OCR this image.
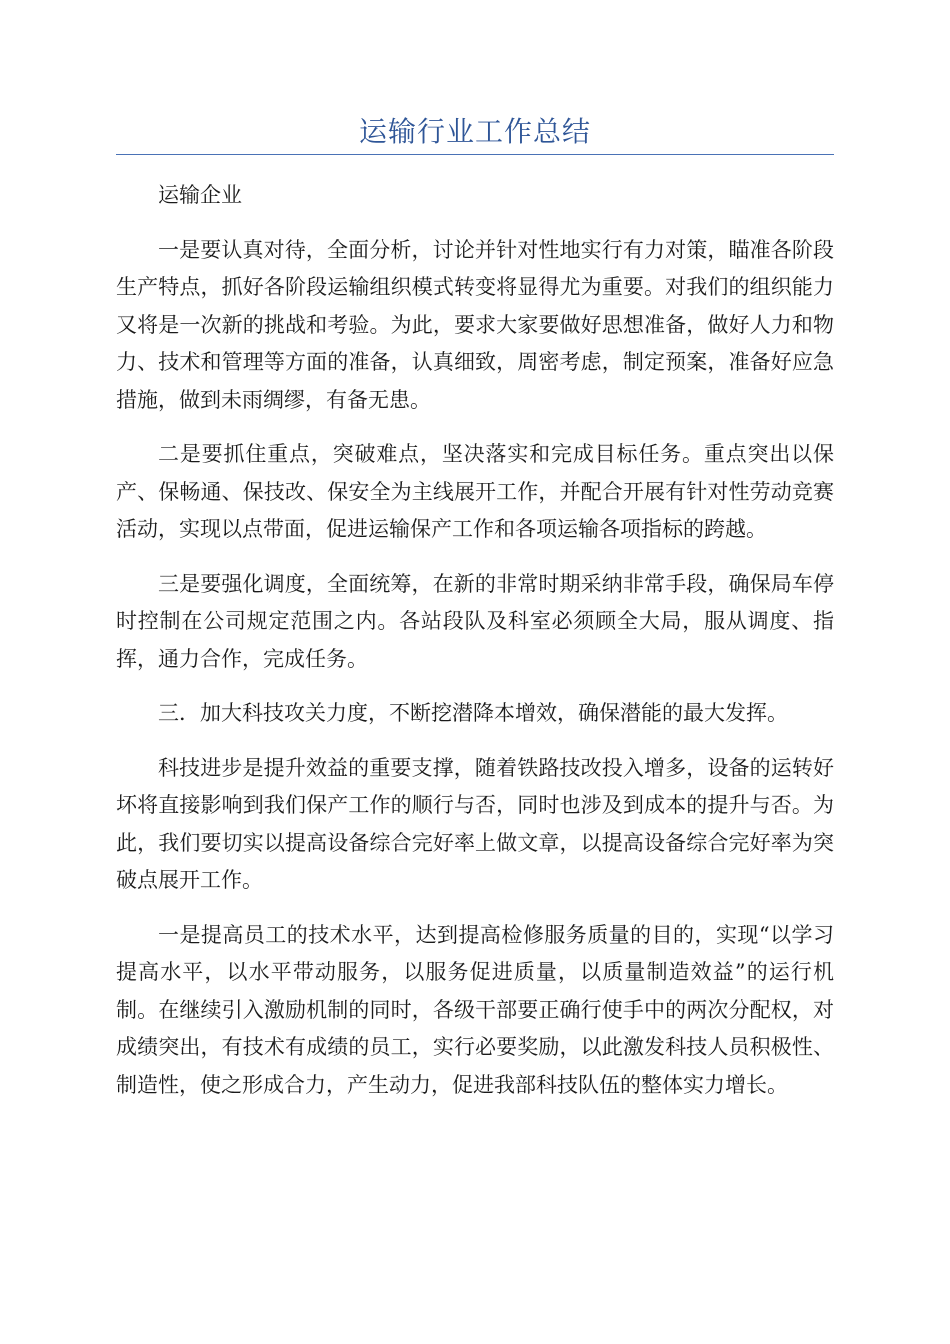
运输行业工作总结

运输企业

一是要认真对待，全面分析，讨论并针对性地实行有力对策，瞄准各阶段生产特点，抓好各阶段运输组织模式转变将显得尤为重要。对我们的组织能力又将是一次新的挑战和考验。为此，要求大家要做好思想准备，做好人力和物力、技术和管理等方面的准备，认真细致，周密考虑，制定预案，准备好应急措施，做到未雨绸缪，有备无患。

二是要抓住重点，突破难点，坚决落实和完成目标任务。重点突出以保产、保畅通、保技改、保安全为主线展开工作，并配合开展有针对性劳动竞赛活动，实现以点带面，促进运输保产工作和各项运输各项指标的跨越。

三是要强化调度，全面统筹，在新的非常时期采纳非常手段，确保局车停时控制在公司规定范围之内。各站段队及科室必须顾全大局，服从调度、指挥，通力合作，完成任务。

三．加大科技攻关力度，不断挖潜降本增效，确保潜能的最大发挥。

科技进步是提升效益的重要支撑，随着铁路技改投入增多，设备的运转好坏将直接影响到我们保产工作的顺行与否，同时也涉及到成本的提升与否。为此，我们要切实以提高设备综合完好率上做文章，以提高设备综合完好率为突破点展开工作。

一是提高员工的技术水平，达到提高检修服务质量的目的，实现“以学习提高水平，以水平带动服务，以服务促进质量，以质量制造效益”的运行机制。在继续引入激励机制的同时，各级干部要正确行使手中的两次分配权，对成绩突出，有技术有成绩的员工，实行必要奖励，以此激发科技人员积极性、制造性，使之形成合力，产生动力，促进我部科技队伍的整体实力增长。
